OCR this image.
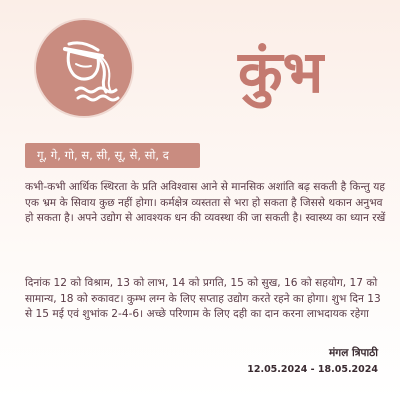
कुंभ
गू, गे, गो, स, सी, सू, से, सो, द

कभी-कभी आर्थिक स्थिरता के प्रति अविश्वास आने से मानसिक अशांति बढ़ सकती है किन्तु यह एक भ्रम के सिवाय कुछ नहीं होगा। कर्मक्षेत्र व्यस्तता से भरा हो सकता है जिससे थकान अनुभव हो सकता है। अपने उद्योग से आवश्यक धन की व्यवस्था की जा सकती है। स्वास्थ्य का ध्यान रखें

दिनांक 12 को विश्राम, 13 को लाभ, 14 को प्रगति, 15 को सुख, 16 को सहयोग, 17 को सामान्य, 18 को रुकावट। कुम्भ लग्न के लिए सप्ताह उद्योग करते रहने का होगा। शुभ दिन 13 से 15 मई एवं शुभांक 2-4-6। अच्छे परिणाम के लिए दही का दान करना लाभदायक रहेगा

मंगल त्रिपाठी
12.05.2024 - 18.05.2024
